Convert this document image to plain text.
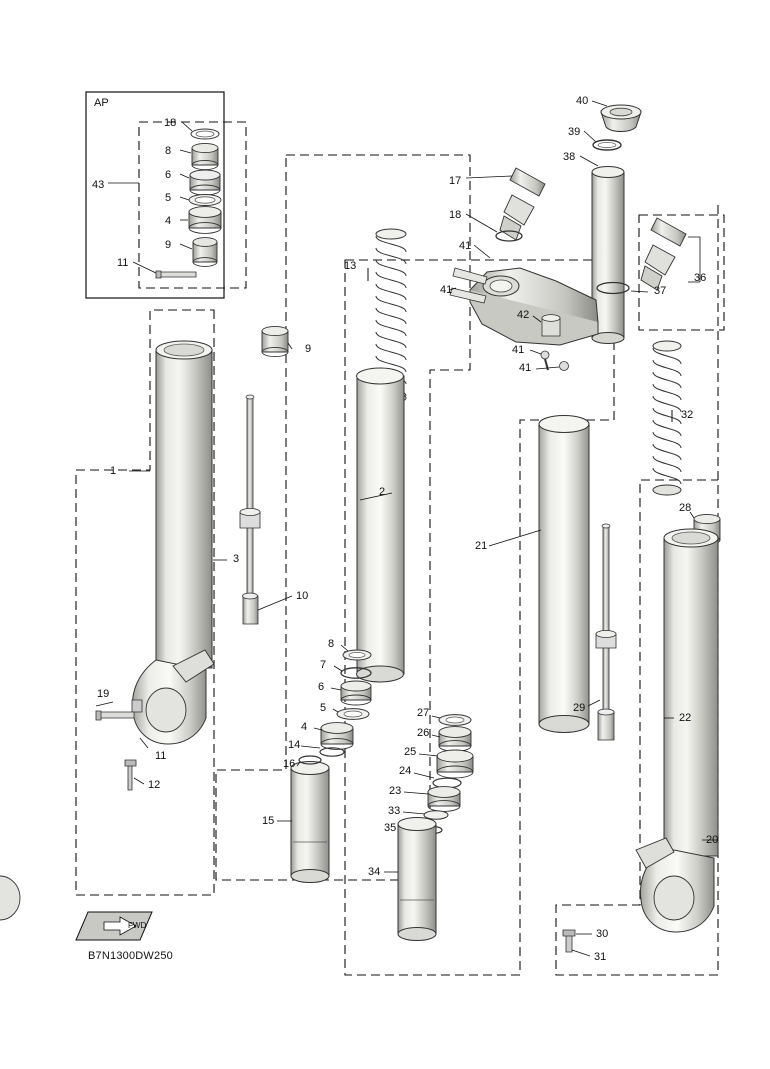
AP
B7N1300DW250
40
39
38
17
18
8
6
43
5
4
9
11
18
36
13
41
41
42
37
41
41
9
32
1
2
28
3
21
10
29
22
8
7
6
27
5
26
4
14
25
16
24
19
11
12	23
33
35
15
20
34
30
31
FWD
